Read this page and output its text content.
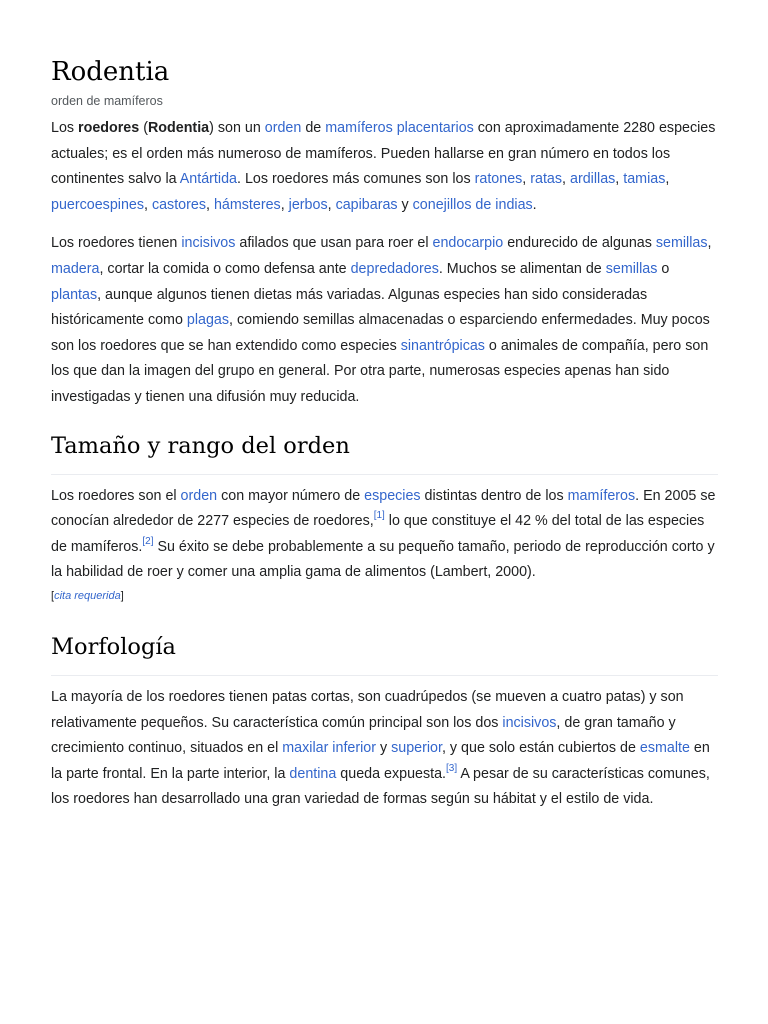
Rodentia
orden de mamíferos

Los roedores (Rodentia) son un orden de mamíferos placentarios con aproximadamente 2280 especies actuales; es el orden más numeroso de mamíferos. Pueden hallarse en gran número en todos los continentes salvo la Antártida. Los roedores más comunes son los ratones, ratas, ardillas, tamias, puercoespines, castores, hámsteres, jerbos, capibaras y conejillos de indias.

Los roedores tienen incisivos afilados que usan para roer el endocarpio endurecido de algunas semillas, madera, cortar la comida o como defensa ante depredadores. Muchos se alimentan de semillas o plantas, aunque algunos tienen dietas más variadas. Algunas especies han sido consideradas históricamente como plagas, comiendo semillas almacenadas o esparciendo enfermedades. Muy pocos son los roedores que se han extendido como especies sinantrópicas o animales de compañía, pero son los que dan la imagen del grupo en general. Por otra parte, numerosas especies apenas han sido investigadas y tienen una difusión muy reducida.

Tamaño y rango del orden

Los roedores son el orden con mayor número de especies distintas dentro de los mamíferos. En 2005 se conocían alrededor de 2277 especies de roedores,[1] lo que constituye el 42 % del total de las especies de mamíferos.[2] Su éxito se debe probablemente a su pequeño tamaño, periodo de reproducción corto y la habilidad de roer y comer una amplia gama de alimentos (Lambert, 2000).

[cita requerida]
Morfología

La mayoría de los roedores tienen patas cortas, son cuadrúpedos (se mueven a cuatro patas) y son relativamente pequeños. Su característica común principal son los dos incisivos, de gran tamaño y crecimiento continuo, situados en el maxilar inferior y superior, y que solo están cubiertos de esmalte en la parte frontal. En la parte interior, la dentina queda expuesta.[3] A pesar de su características comunes, los roedores han desarrollado una gran variedad de formas según su hábitat y el estilo de vida.
